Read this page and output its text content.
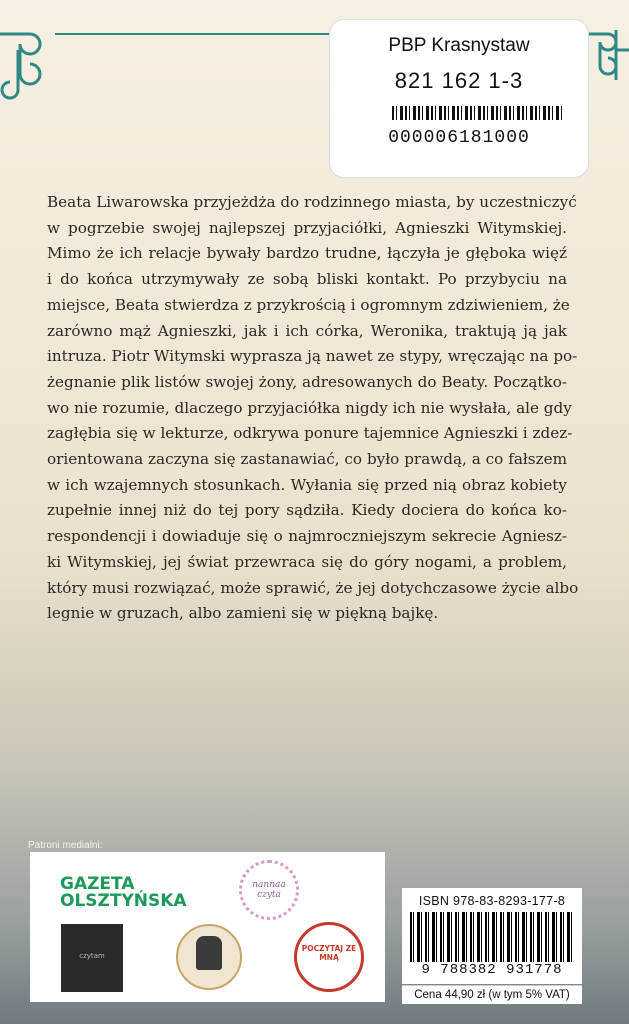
PBP Krasnystaw
821 162 1-3
000006181000
Beata Liwarowska przyjeżdża do rodzinnego miasta, by uczestniczyć
w pogrzebie swojej najlepszej przyjaciółki, Agnieszki Witymskiej.
Mimo że ich relacje bywały bardzo trudne, łączyła je głęboka więź
i do końca utrzymywały ze sobą bliski kontakt. Po przybyciu na
miejsce, Beata stwierdza z przykrością i ogromnym zdziwieniem, że
zarówno mąż Agnieszki, jak i ich córka, Weronika, traktują ją jak
intruza. Piotr Witymski wyprasza ją nawet ze stypy, wręczając na po-
żegnanie plik listów swojej żony, adresowanych do Beaty. Początko-
wo nie rozumie, dlaczego przyjaciółka nigdy ich nie wysłała, ale gdy
zagłębia się w lekturze, odkrywa ponure tajemnice Agnieszki i zdez-
orientowana zaczyna się zastanawiać, co było prawdą, a co fałszem
w ich wzajemnych stosunkach. Wyłania się przed nią obraz kobiety
zupełnie innej niż do tej pory sądziła. Kiedy dociera do końca ko-
respondencji i dowiaduje się o najmroczniejszym sekrecie Agniesz-
ki Witymskiej, jej świat przewraca się do góry nogami, a problem,
który musi rozwiązać, może sprawić, że jej dotychczasowe życie albo
legnie w gruzach, albo zamieni się w piękną bajkę.
Patroni medialni:
GAZETA
OLSZTYŃSKA
nannaa czyta
czytam
POCZYTAJ ZE MNĄ
ISBN 978-83-8293-177-8
9 788382 931778
Cena 44,90 zł (w tym 5% VAT)
